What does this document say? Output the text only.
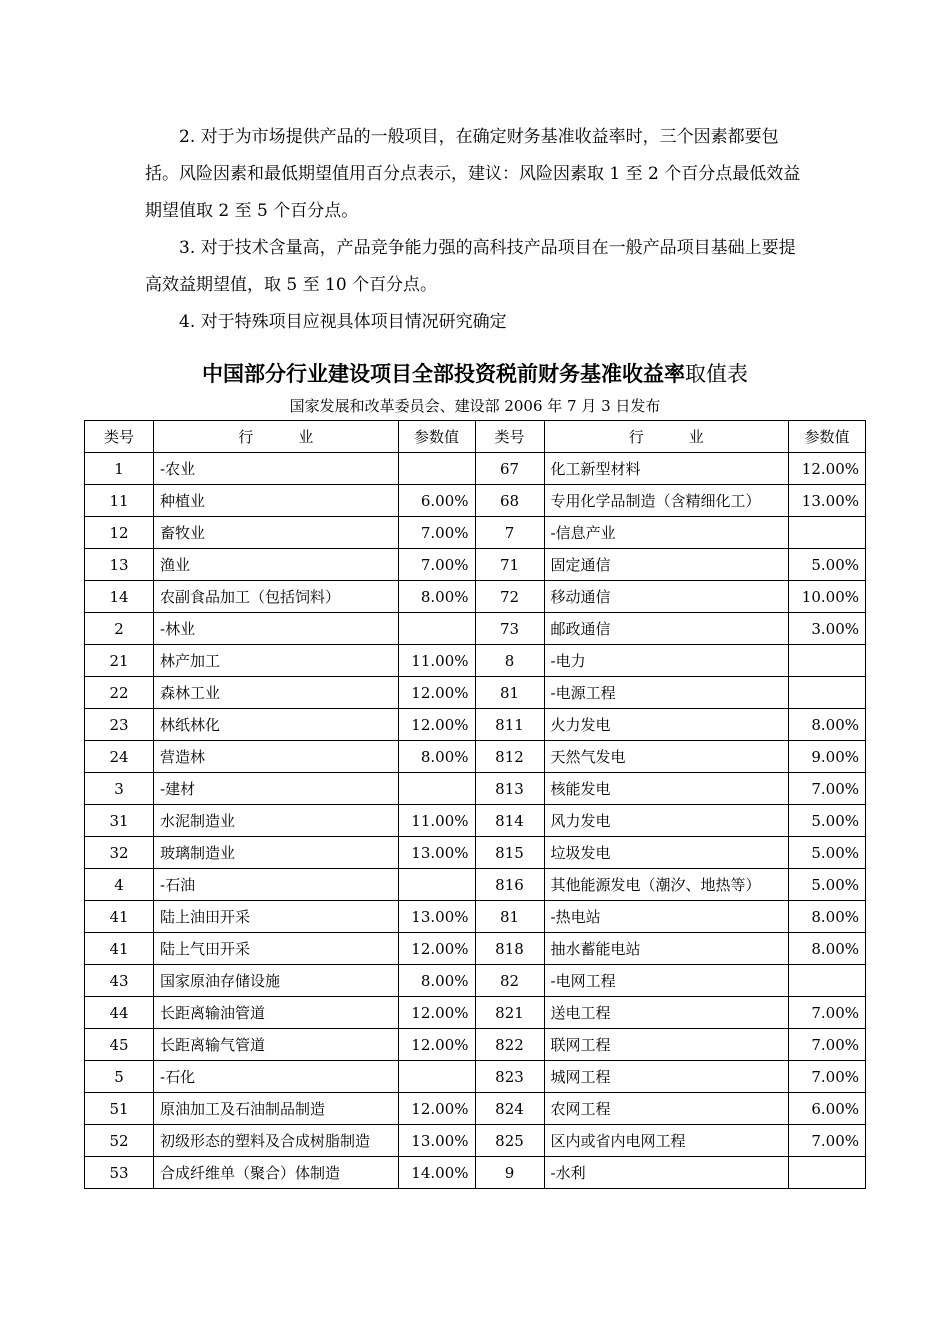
2. 对于为市场提供产品的一般项目，在确定财务基准收益率时，三个因素都要包括。风险因素和最低期望值用百分点表示，建议：风险因素取 1 至 2 个百分点最低效益期望值取 2 至 5 个百分点。
3. 对于技术含量高，产品竞争能力强的高科技产品项目在一般产品项目基础上要提高效益期望值，取 5 至 10 个百分点。
4. 对于特殊项目应视具体项目情况研究确定
中国部分行业建设项目全部投资税前财务基准收益率取值表
国家发展和改革委员会、建设部 2006 年 7 月 3 日发布
类号	行　　　业	参数值	类号	行　　　业	参数值
1	-农业		67	化工新型材料	12.00%
11	种植业	6.00%	68	专用化学品制造（含精细化工）	13.00%
12	畜牧业	7.00%	7	-信息产业	
13	渔业	7.00%	71	固定通信	5.00%
14	农副食品加工（包括饲料）	8.00%	72	移动通信	10.00%
2	-林业		73	邮政通信	3.00%
21	林产加工	11.00%	8	-电力	
22	森林工业	12.00%	81	-电源工程	
23	林纸林化	12.00%	811	火力发电	8.00%
24	营造林	8.00%	812	天然气发电	9.00%
3	-建材		813	核能发电	7.00%
31	水泥制造业	11.00%	814	风力发电	5.00%
32	玻璃制造业	13.00%	815	垃圾发电	5.00%
4	-石油		816	其他能源发电（潮汐、地热等）	5.00%
41	陆上油田开采	13.00%	81	-热电站	8.00%
41	陆上气田开采	12.00%	818	抽水蓄能电站	8.00%
43	国家原油存储设施	8.00%	82	-电网工程	
44	长距离输油管道	12.00%	821	送电工程	7.00%
45	长距离输气管道	12.00%	822	联网工程	7.00%
5	-石化		823	城网工程	7.00%
51	原油加工及石油制品制造	12.00%	824	农网工程	6.00%
52	初级形态的塑料及合成树脂制造	13.00%	825	区内或省内电网工程	7.00%
53	合成纤维单（聚合）体制造	14.00%	9	-水利	
